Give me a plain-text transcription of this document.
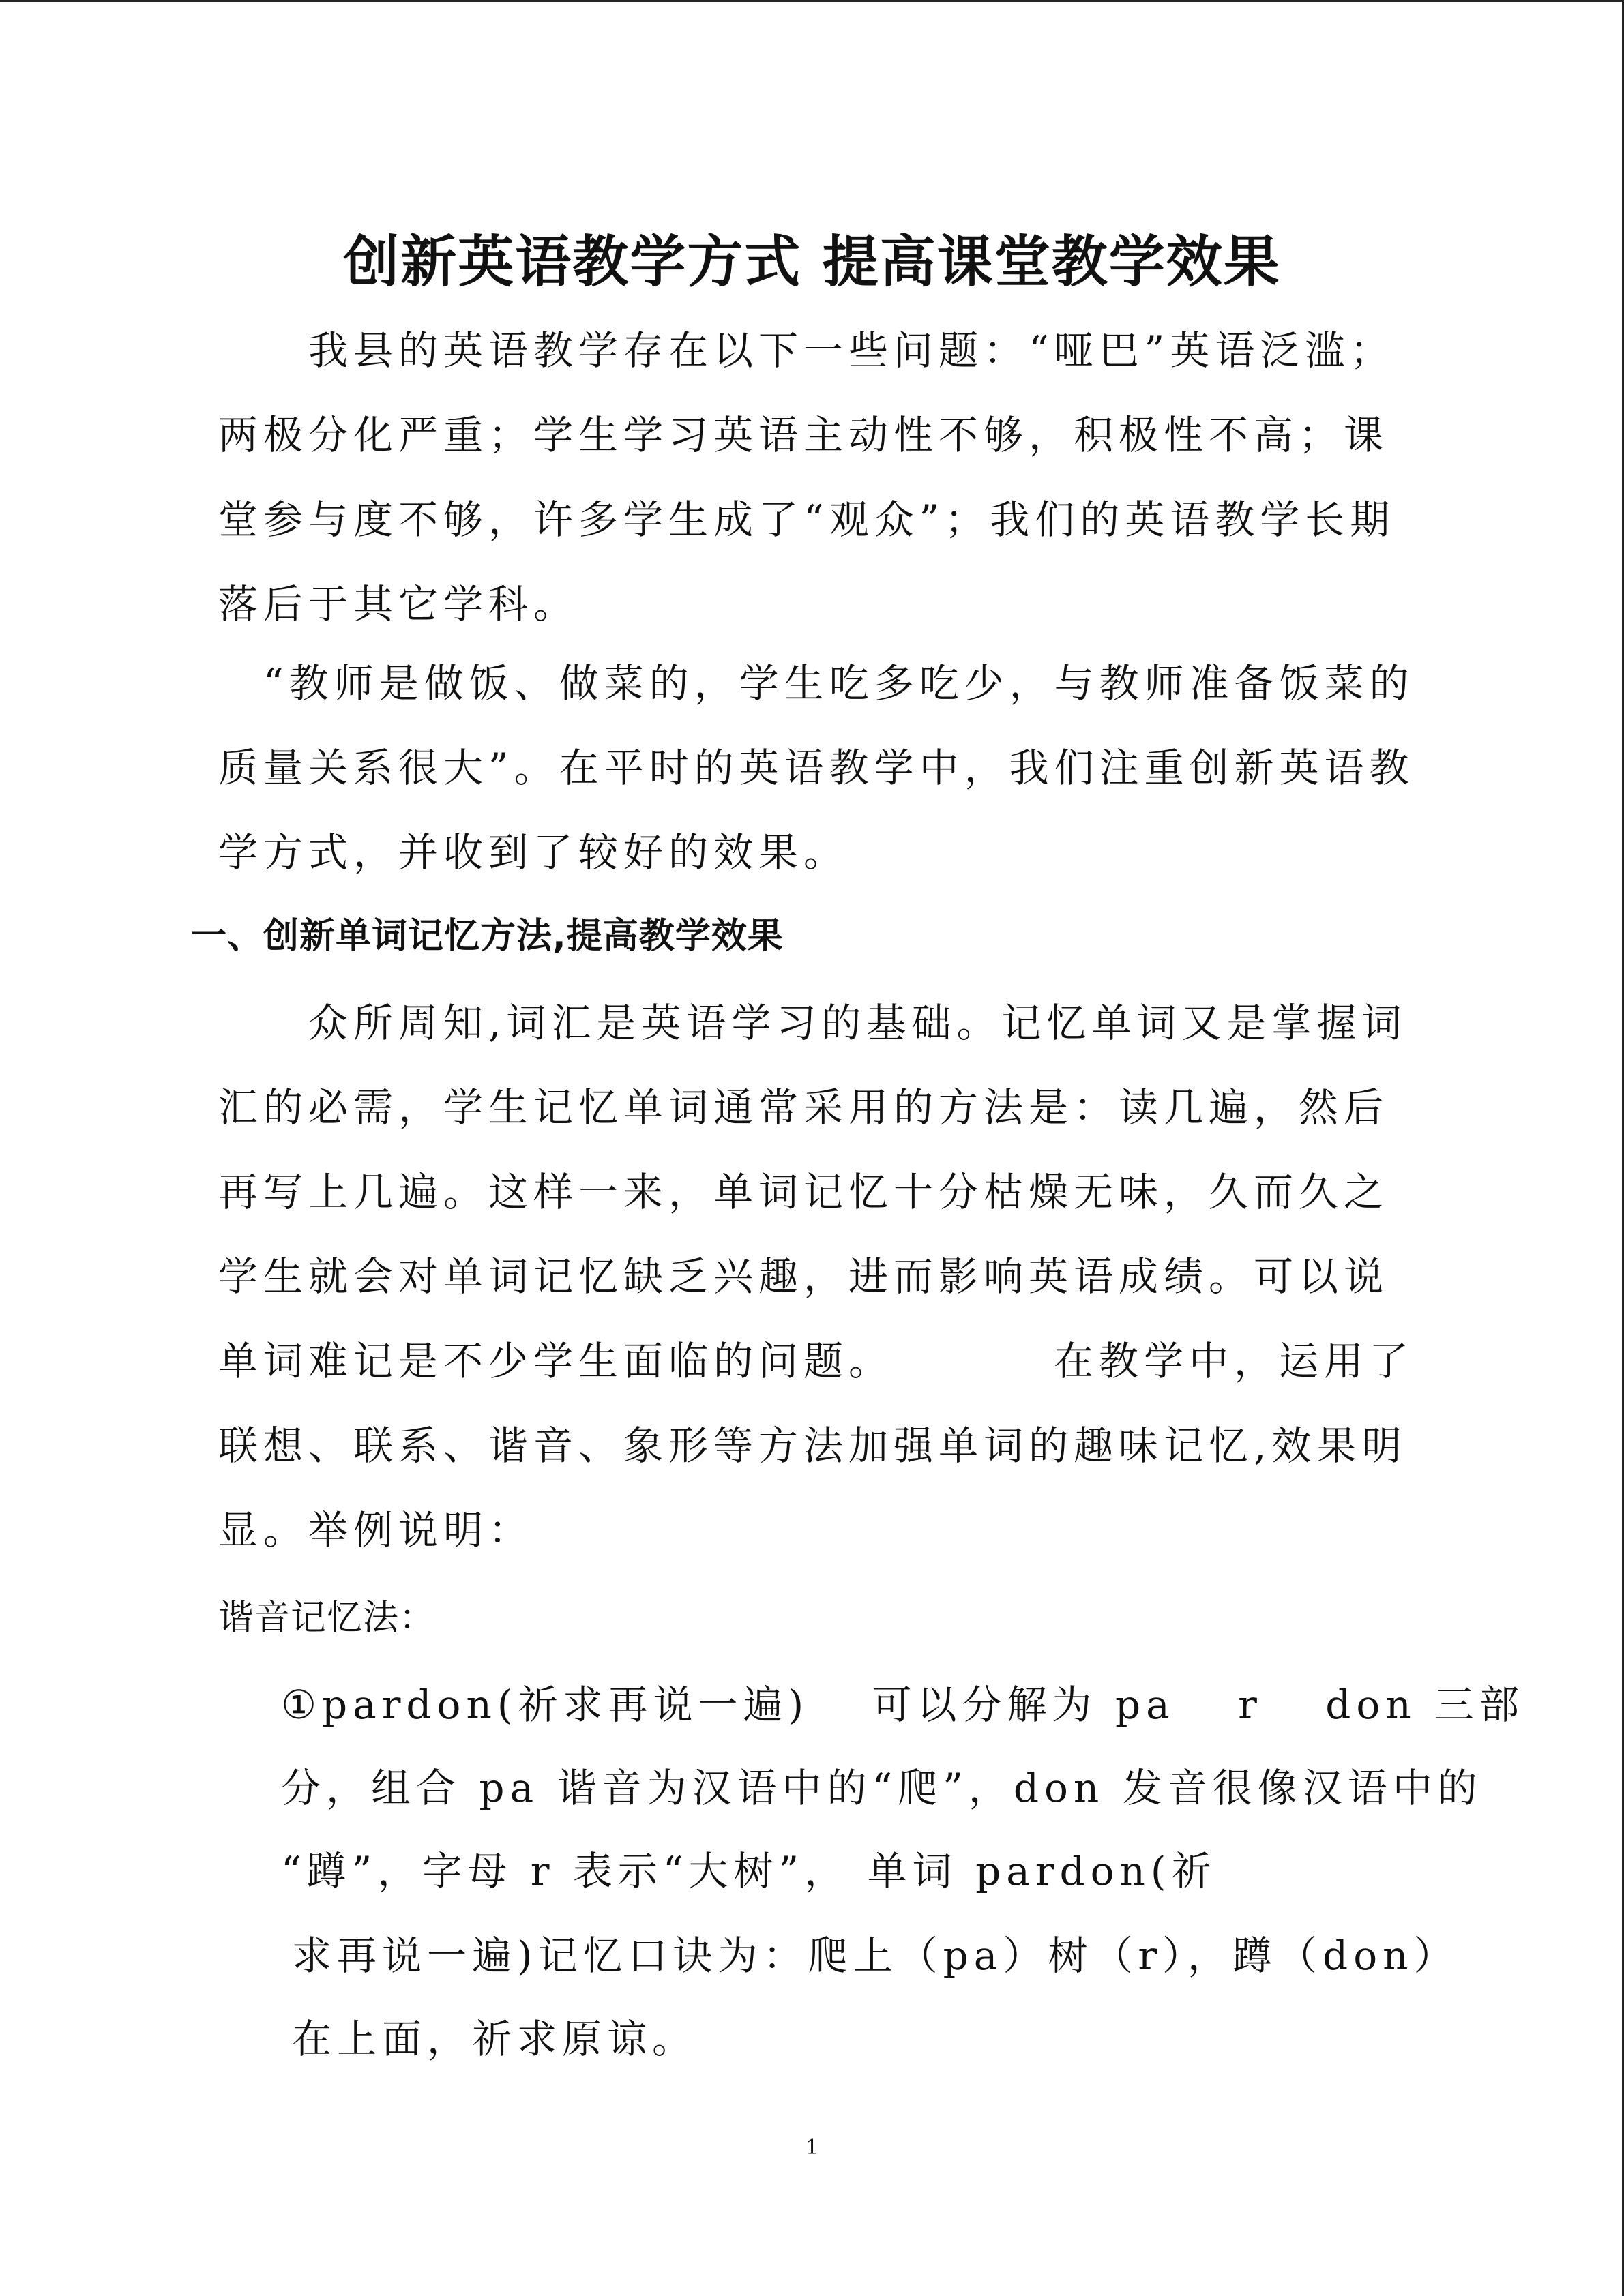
创新英语教学方式 提高课堂教学效果
　　我县的英语教学存在以下一些问题：“哑巴”英语泛滥；两极分化严重；学生学习英语主动性不够，积极性不高；课堂参与度不够，许多学生成了“观众”；我们的英语教学长期落后于其它学科。
　“教师是做饭、做菜的，学生吃多吃少，与教师准备饭菜的质量关系很大”。在平时的英语教学中，我们注重创新英语教学方式，并收到了较好的效果。
一、创新单词记忆方法,提高教学效果
　　众所周知,词汇是英语学习的基础。记忆单词又是掌握词汇的必需，学生记忆单词通常采用的方法是：读几遍，然后再写上几遍。这样一来，单词记忆十分枯燥无味，久而久之学生就会对单词记忆缺乏兴趣，进而影响英语成绩。可以说单词难记是不少学生面临的问题。　　　　在教学中，运用了联想、联系、谐音、象形等方法加强单词的趣味记忆,效果明显。举例说明：
谐音记忆法：
①pardon(祈求再说一遍)　 可以分解为 pa　 r　 don 三部
分，组合 pa 谐音为汉语中的“爬”，don 发音很像汉语中的
“蹲”，字母 r 表示“大树”， 单词 pardon(祈
求再说一遍)记忆口诀为：爬上（pa）树（r），蹲（don）
在上面，祈求原谅。
1
